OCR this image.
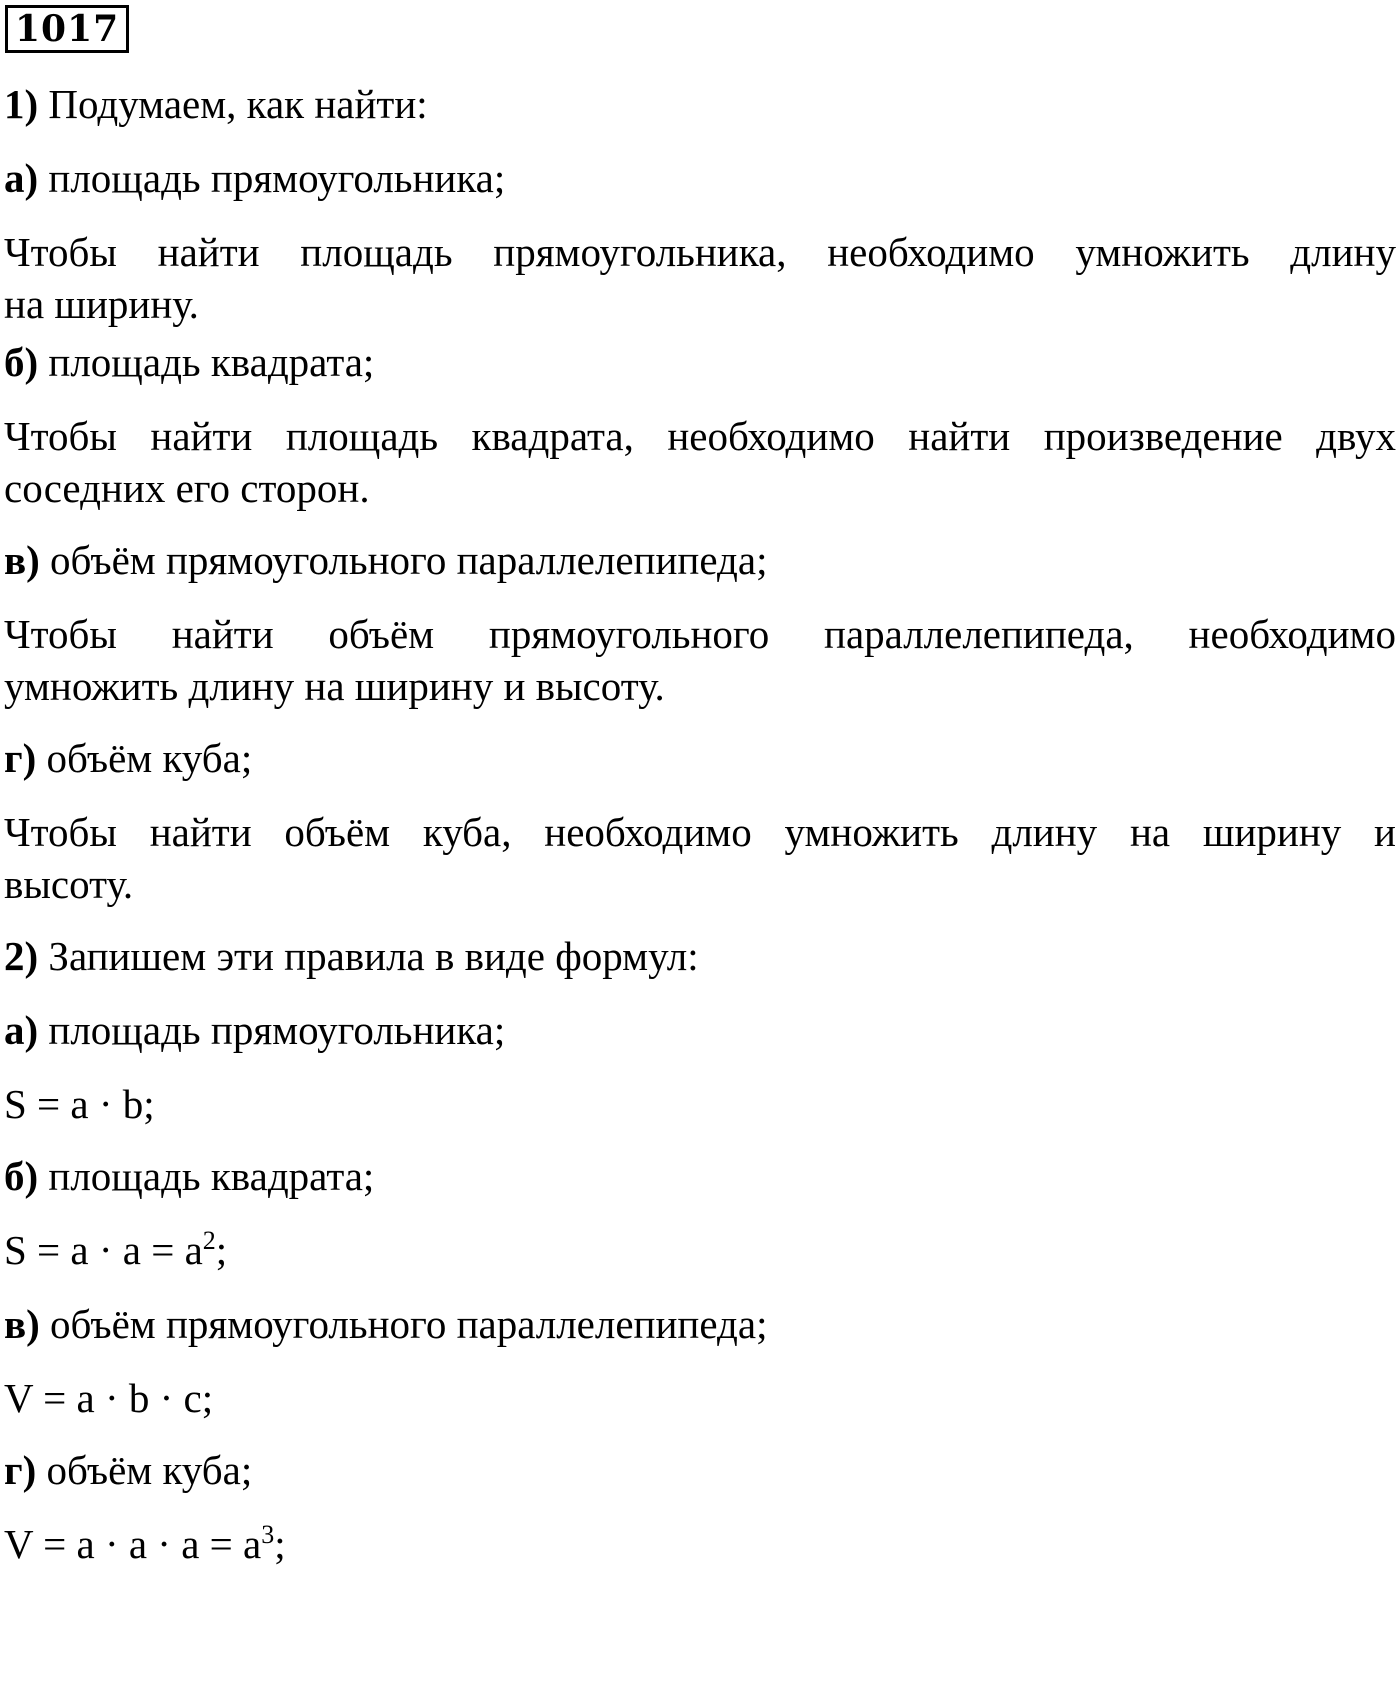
1017
1) Подумаем, как найти:
а) площадь прямоугольника;
Чтобы найти площадь прямоугольника, необходимо умножить длину
на ширину.
б) площадь квадрата;
Чтобы найти площадь квадрата, необходимо найти произведение двух
соседних его сторон.
в) объём прямоугольного параллелепипеда;
Чтобы найти объём прямоугольного параллелепипеда, необходимо
умножить длину на ширину и высоту.
г) объём куба;
Чтобы найти объём куба, необходимо умножить длину на ширину и
высоту.
2) Запишем эти правила в виде формул:
а) площадь прямоугольника;
S = a · b;
б) площадь квадрата;
$S = a \cdot a = a^2$;
в) объём прямоугольного параллелепипеда;
V = a · b · c;
г) объём куба;
$V = a \cdot a \cdot a = a^3$;
